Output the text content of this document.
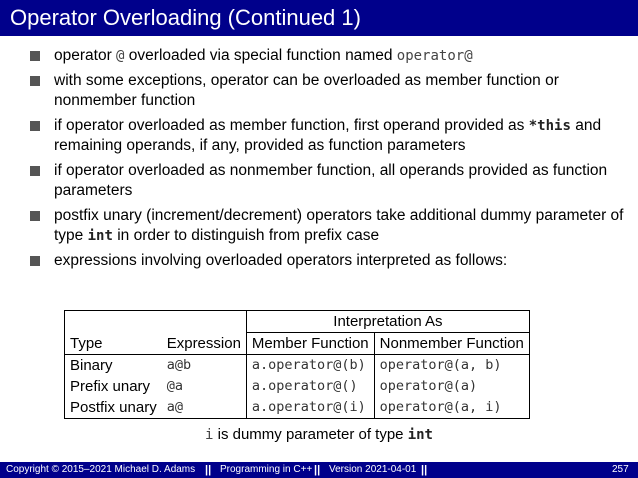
Operator Overloading (Continued 1)
operator @ overloaded via special function named operator@
with some exceptions, operator can be overloaded as member function or nonmember function
if operator overloaded as member function, first operand provided as *this and remaining operands, if any, provided as function parameters
if operator overloaded as nonmember function, all operands provided as function parameters
postfix unary (increment/decrement) operators take additional dummy parameter of type int in order to distinguish from prefix case
expressions involving overloaded operators interpreted as follows:
		Interpretation As	
Type	Expression	Member Function	Nonmember Function
Binary	a@b	a.operator@(b)	operator@(a, b)
Prefix unary	@a	a.operator@()	operator@(a)
Postfix unary	a@	a.operator@(i)	operator@(a, i)
i is dummy parameter of type int
Copyright © 2015–2021 Michael D. Adams || Programming in C++ || Version 2021-04-01 ||	257
